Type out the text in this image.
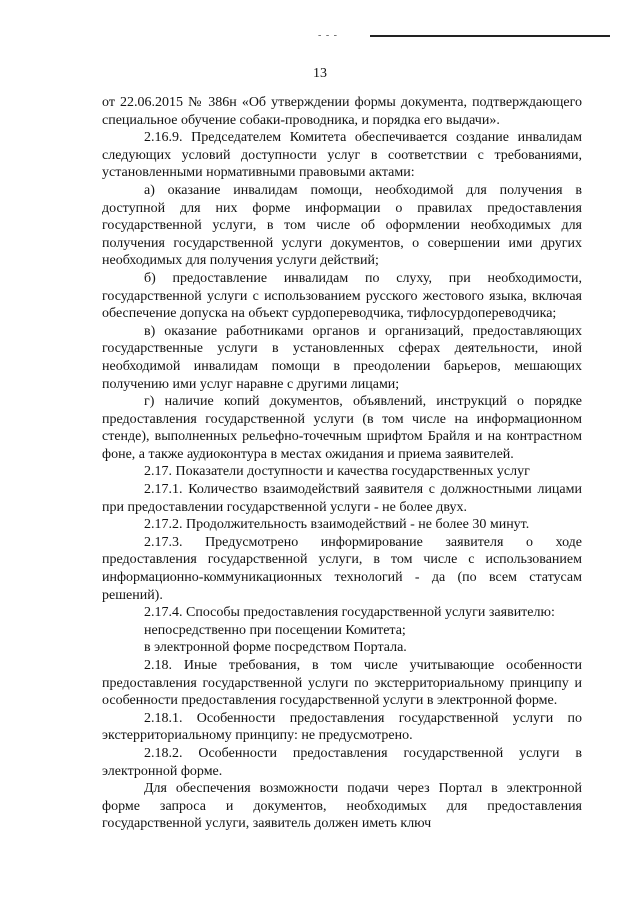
- - -
13

от 22.06.2015 № 386н «Об утверждении формы документа, подтверждающего специальное обучение собаки-проводника, и порядка его выдачи».

2.16.9. Председателем Комитета обеспечивается создание инвалидам следующих условий доступности услуг в соответствии с требованиями, установленными нормативными правовыми актами:

а) оказание инвалидам помощи, необходимой для получения в доступной для них форме информации о правилах предоставления государственной услуги, в том числе об оформлении необходимых для получения государственной услуги документов, о совершении ими других необходимых для получения услуги действий;

б) предоставление инвалидам по слуху, при необходимости, государственной услуги с использованием русского жестового языка, включая обеспечение допуска на объект сурдопереводчика, тифлосурдопереводчика;

в) оказание работниками органов и организаций, предоставляющих государственные услуги в установленных сферах деятельности, иной необходимой инвалидам помощи в преодолении барьеров, мешающих получению ими услуг наравне с другими лицами;

г) наличие копий документов, объявлений, инструкций о порядке предоставления государственной услуги (в том числе на информационном стенде), выполненных рельефно-точечным шрифтом Брайля и на контрастном фоне, а также аудиоконтура в местах ожидания и приема заявителей.

2.17. Показатели доступности и качества государственных услуг

2.17.1. Количество взаимодействий заявителя с должностными лицами при предоставлении государственной услуги - не более двух.

2.17.2. Продолжительность взаимодействий - не более 30 минут.

2.17.3. Предусмотрено информирование заявителя о ходе предоставления государственной услуги, в том числе с использованием информационно-коммуникационных технологий - да (по всем статусам решений).

2.17.4. Способы предоставления государственной услуги заявителю:

непосредственно при посещении Комитета;

в электронной форме посредством Портала.

2.18. Иные требования, в том числе учитывающие особенности предоставления государственной услуги по экстерриториальному принципу и особенности предоставления государственной услуги в электронной форме.

2.18.1. Особенности предоставления государственной услуги по экстерриториальному принципу: не предусмотрено.

2.18.2. Особенности предоставления государственной услуги в электронной форме.

Для обеспечения возможности подачи через Портал в электронной форме запроса и документов, необходимых для предоставления государственной услуги, заявитель должен иметь ключ
